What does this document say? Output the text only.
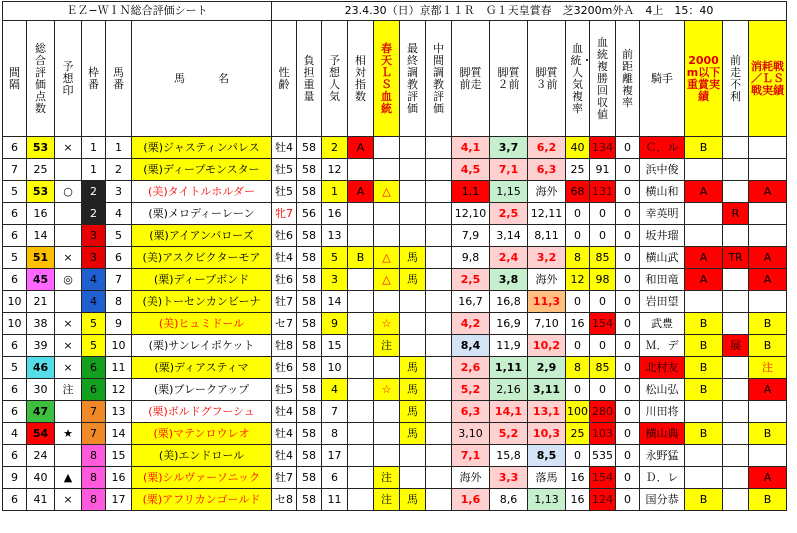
ＥＺ−ＷＩＮ総合評価シート						23.4.30（日）京都１１Ｒ　Ｇ１天皇賞春　芝3200m外Ａ　4上　15：40																
間隔	総合評価点数	予想印	枠番	馬番	馬　　　名	性齢	負担重量	予想人気	相対指数	春天ＬＳ血統	最終調教評価	中間調教評価	脚質前走	脚質２前	脚質３前	血統・人気複率	血統複勝回収値	前距離複率	騎手	2000m以下重賞実績	前走不利	消耗戦／ＬＳ戦実績
6	53	×	1	1	(栗)ジャスティンパレス	牡4	58	2	A				4,1	3,7	6,2	40	134	0	Ｃ．ル	B		
7	25		1	2	(栗)ディープモンスター	牡5	58	12					4,5	7,1	6,3	25	91	0	浜中俊			
5	53	○	2	3	(美)タイトルホルダー	牡5	58	1	A	△			1,1	1,15	海外	68	131	0	横山和	A		A
6	16		2	4	(栗)メロディーレーン	牝7	56	16					12,10	2,5	12,11	0	0	0	幸英明		R	
6	14		3	5	(栗)アイアンバローズ	牡6	58	13					7,9	3,14	8,11	0	0	0	坂井瑠			
5	51	×	3	6	(美)アスクビクターモア	牡4	58	5	B	△	馬		9,8	2,4	3,2	8	85	0	横山武	A	TR	A
6	45	◎	4	7	(栗)ディープボンド	牡6	58	3		△	馬		2,5	3,8	海外	12	98	0	和田竜	A		A
10	21		4	8	(美)トーセンカンビーナ	牡7	58	14					16,7	16,8	11,3	0	0	0	岩田望			
10	38	×	5	9	(美)ヒュミドール	セ7	58	9		☆			4,2	16,9	7,10	16	154	0	武豊	B		B
6	39	×	5	10	(栗)サンレイポケット	牡8	58	15		注			8,4	11,9	10,2	0	0	0	Ｍ．デ	B	展	B
5	46	×	6	11	(栗)ディアスティマ	牡6	58	10			馬		2,6	1,11	2,9	8	85	0	北村友	B		注
6	30	注	6	12	(栗)ブレークアップ	牡5	58	4		☆	馬		5,2	2,16	3,11	0	0	0	松山弘	B		A
6	47		7	13	(栗)ボルドグフーシュ	牡4	58	7			馬		6,3	14,1	13,1	100	280	0	川田将			
4	54	★	7	14	(栗)マテンロウレオ	牡4	58	8			馬		3,10	5,2	10,3	25	103	0	横山典	B		B
6	24		8	15	(美)エンドロール	牡4	58	17					7,1	15,8	8,5	0	535	0	永野猛			
9	40	▲	8	16	(栗)シルヴァーソニック	牡7	58	6		注			海外	3,3	落馬	16	154	0	Ｄ．レ			A
6	41	×	8	17	(栗)アフリカンゴールド	セ8	58	11		注	馬		1,6	8,6	1,13	16	124	0	国分恭	B		B
